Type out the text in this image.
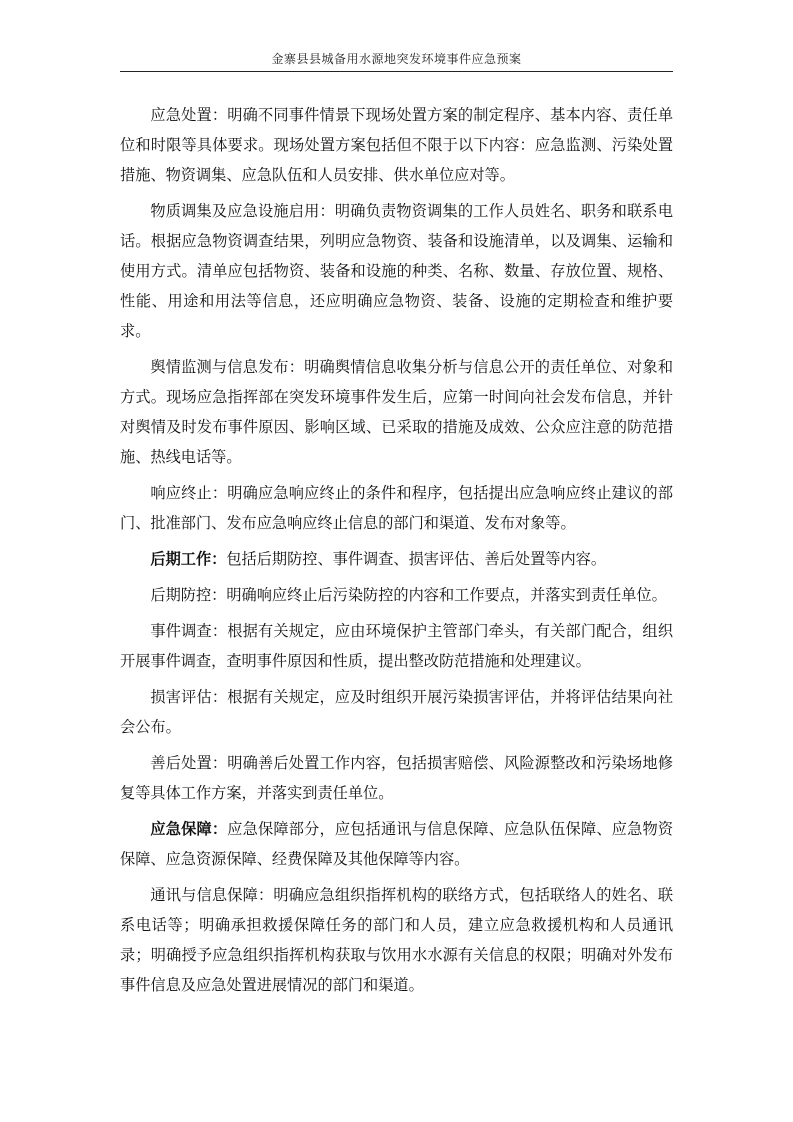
金寨县县城备用水源地突发环境事件应急预案

应急处置：明确不同事件情景下现场处置方案的制定程序、基本内容、责任单位和时限等具体要求。现场处置方案包括但不限于以下内容：应急监测、污染处置措施、物资调集、应急队伍和人员安排、供水单位应对等。

物质调集及应急设施启用：明确负责物资调集的工作人员姓名、职务和联系电话。根据应急物资调查结果，列明应急物资、装备和设施清单，以及调集、运输和使用方式。清单应包括物资、装备和设施的种类、名称、数量、存放位置、规格、性能、用途和用法等信息，还应明确应急物资、装备、设施的定期检查和维护要求。

舆情监测与信息发布：明确舆情信息收集分析与信息公开的责任单位、对象和方式。现场应急指挥部在突发环境事件发生后，应第一时间向社会发布信息，并针对舆情及时发布事件原因、影响区域、已采取的措施及成效、公众应注意的防范措施、热线电话等。

响应终止：明确应急响应终止的条件和程序，包括提出应急响应终止建议的部门、批准部门、发布应急响应终止信息的部门和渠道、发布对象等。

后期工作：包括后期防控、事件调查、损害评估、善后处置等内容。

后期防控：明确响应终止后污染防控的内容和工作要点，并落实到责任单位。

事件调查：根据有关规定，应由环境保护主管部门牵头，有关部门配合，组织开展事件调查，查明事件原因和性质，提出整改防范措施和处理建议。

损害评估：根据有关规定，应及时组织开展污染损害评估，并将评估结果向社会公布。

善后处置：明确善后处置工作内容，包括损害赔偿、风险源整改和污染场地修复等具体工作方案，并落实到责任单位。

应急保障：应急保障部分，应包括通讯与信息保障、应急队伍保障、应急物资保障、应急资源保障、经费保障及其他保障等内容。

通讯与信息保障：明确应急组织指挥机构的联络方式，包括联络人的姓名、联系电话等；明确承担救援保障任务的部门和人员，建立应急救援机构和人员通讯录；明确授予应急组织指挥机构获取与饮用水水源有关信息的权限；明确对外发布事件信息及应急处置进展情况的部门和渠道。
